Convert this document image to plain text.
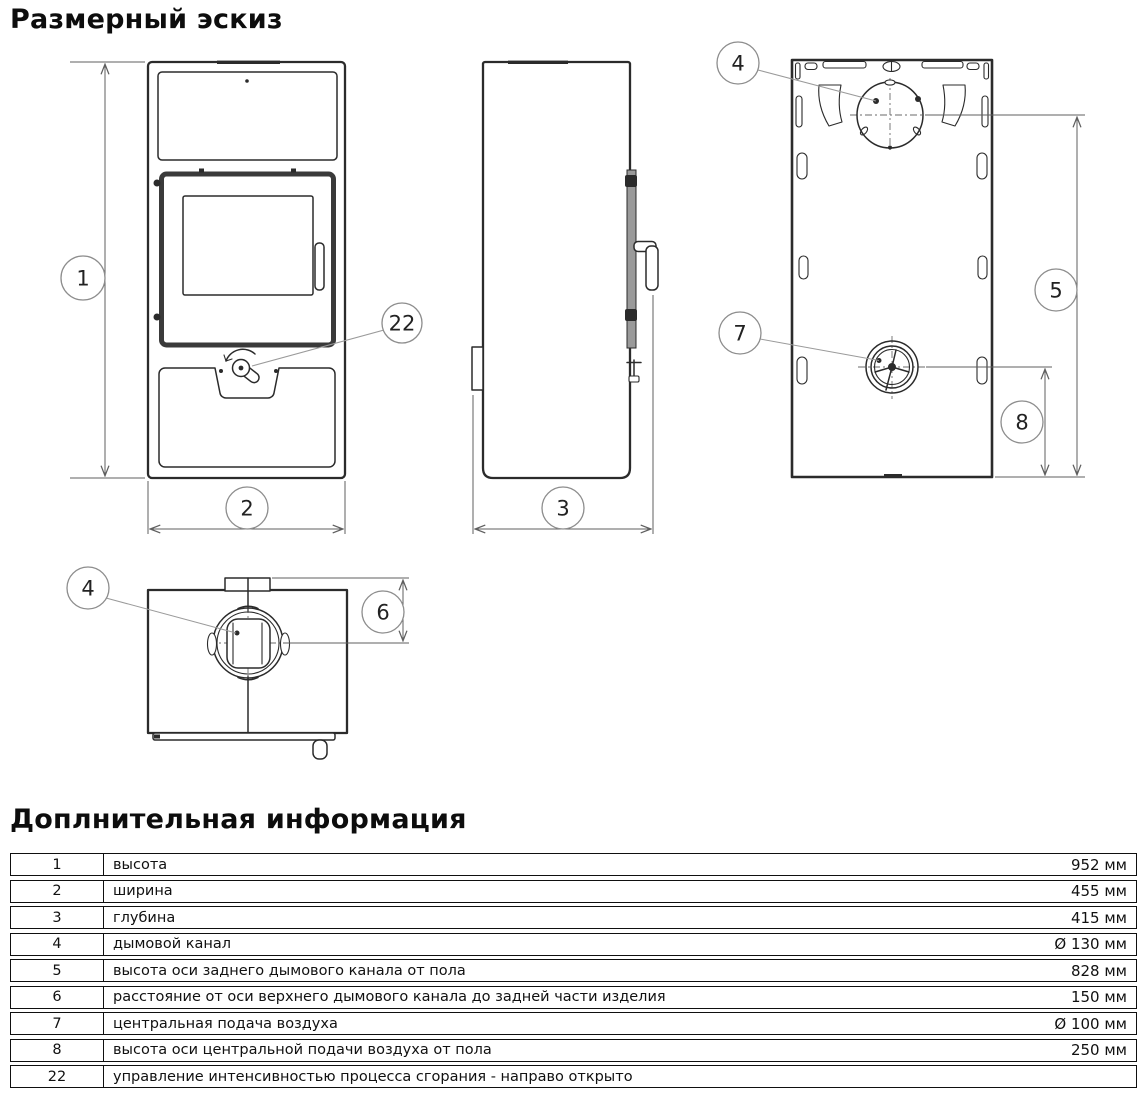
Размерный эскиз
1
2
22
3
5
8
4
7
6
4
Доплнительная информация
1	высота	952 мм
2	ширина	455 мм
3	глубина	415 мм
4	дымовой канал	Ø 130 мм
5	высота оси заднего дымового канала от пола	828 мм
6	расстояние от оси верхнего дымового канала до задней части изделия	150 мм
7	центральная подача воздуха	Ø 100 мм
8	высота оси центральной подачи воздуха от пола	250 мм
22	управление интенсивностью процесса сгорания - направо открыто
